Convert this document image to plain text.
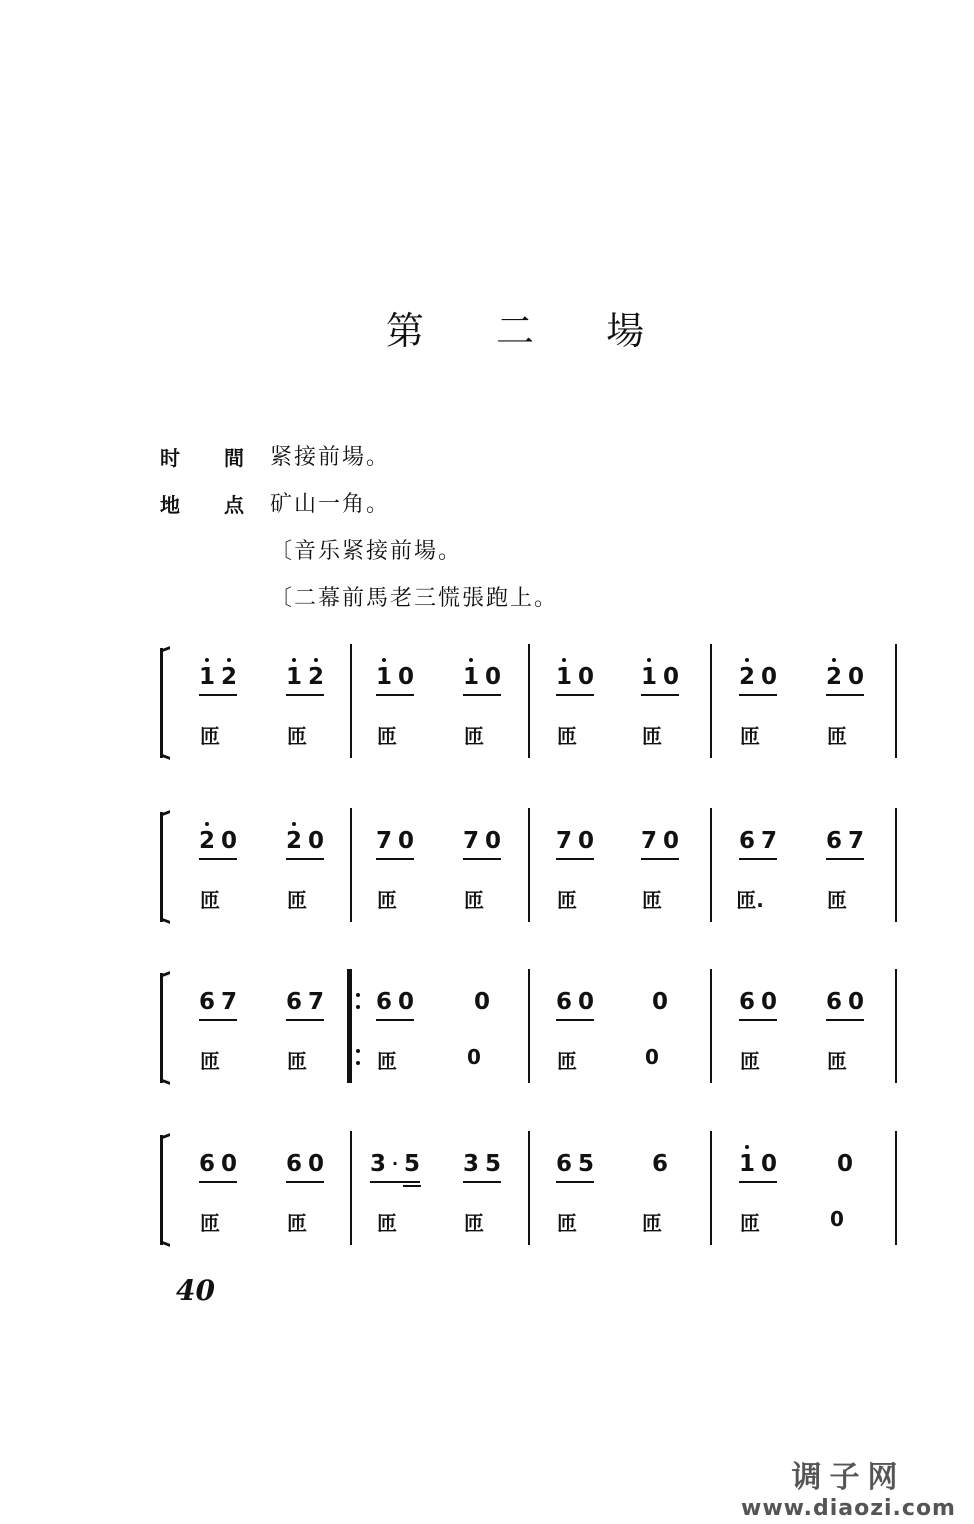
第 二 場
时 間 紧接前場。
地 点 矿山一角。
〔音乐紧接前場。
〔二幕前馬老三慌張跑上。
1 2 1 2
匝	匝
1 0 1 0
匝	匝
1 0 1 0
匝	匝
2 0 2 0
匝	匝
2 0 2 0
匝	匝
7 0 7 0
匝	匝
7 0 7 0
匝	匝
6 7 6 7
匝.	匝
6 7 6 7
匝	匝
6 0	0
匝	0
6 0	0
匝	0
6 0 6 0
匝	匝
6 0 6 0
匝	匝
3 · 5 3 5
匝	匝
6 5	6
匝	匝
1 0	0
匝	0
40
调子网
www.diaozi.com
